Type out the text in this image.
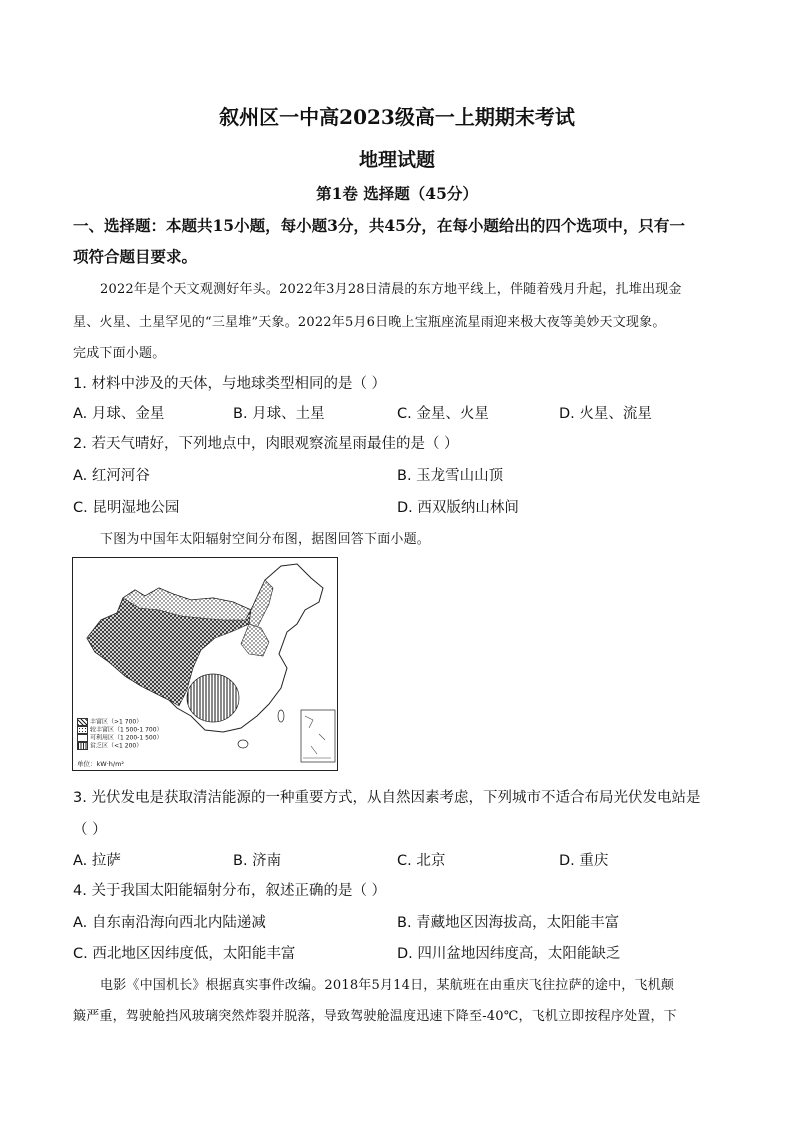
叙州区一中高2023级高一上期期末考试
地理试题
第1卷 选择题（45分）
一、选择题：本题共15小题，每小题3分，共45分，在每小题给出的四个选项中，只有一
项符合题目要求。
2022年是个天文观测好年头。2022年3月28日清晨的东方地平线上，伴随着残月升起，扎堆出现金
星、火星、土星罕见的“三星堆”天象。2022年5月6日晚上宝瓶座流星雨迎来极大夜等美妙天文现象。
完成下面小题。
1. 材料中涉及的天体，与地球类型相同的是（ ）
A. 月球、金星	B. 月球、土星	C. 金星、火星	D. 火星、流星
2. 若天气晴好，下列地点中，肉眼观察流星雨最佳的是（ ）
A. 红河河谷	B. 玉龙雪山山顶
C. 昆明湿地公园	D. 西双版纳山林间
下图为中国年太阳辐射空间分布图，据图回答下面小题。
丰富区（>1 700）
较丰富区（1 500-1 700）
可利用区（1 200-1 500）
贫乏区（<1 200）
单位：kW·h/m²
3. 光伏发电是获取清洁能源的一种重要方式，从自然因素考虑，下列城市不适合布局光伏发电站是
（ ）
A. 拉萨	B. 济南	C. 北京	D. 重庆
4. 关于我国太阳能辐射分布，叙述正确的是（ ）
A. 自东南沿海向西北内陆递减	B. 青藏地区因海拔高，太阳能丰富
C. 西北地区因纬度低，太阳能丰富	D. 四川盆地因纬度高，太阳能缺乏
电影《中国机长》根据真实事件改编。2018年5月14日，某航班在由重庆飞往拉萨的途中，飞机颠
簸严重，驾驶舱挡风玻璃突然炸裂并脱落，导致驾驶舱温度迅速下降至-40℃，飞机立即按程序处置，下
